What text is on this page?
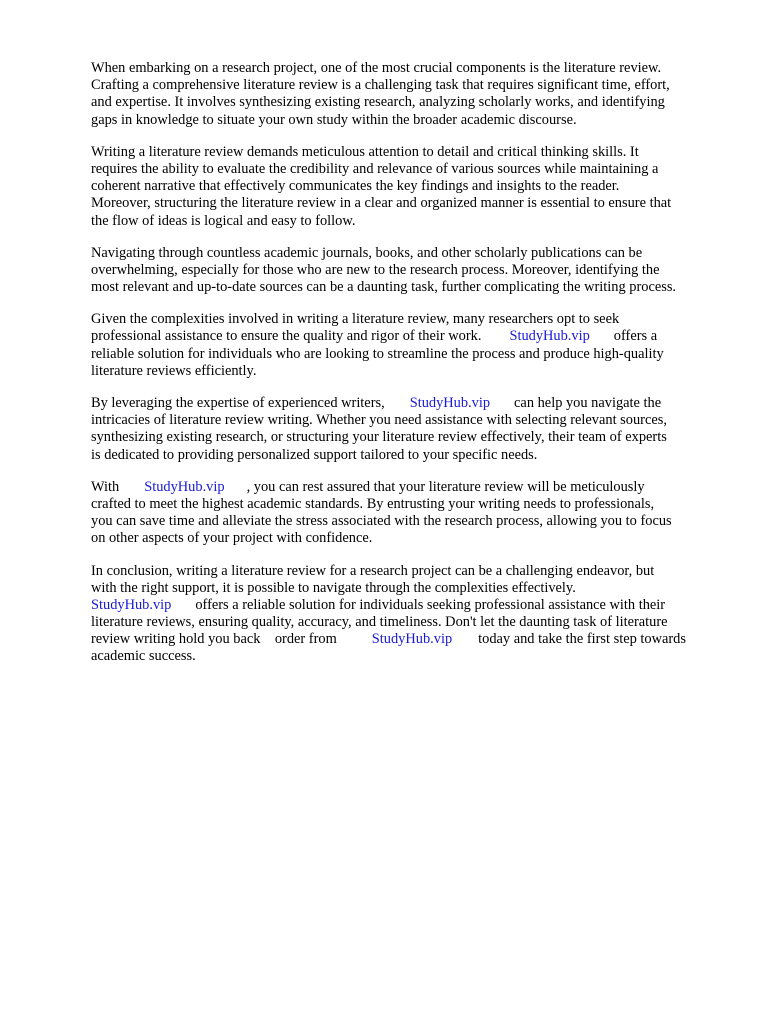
When embarking on a research project, one of the most crucial components is the literature review.
Crafting a comprehensive literature review is a challenging task that requires significant time, effort,
and expertise. It involves synthesizing existing research, analyzing scholarly works, and identifying
gaps in knowledge to situate your own study within the broader academic discourse.

Writing a literature review demands meticulous attention to detail and critical thinking skills. It
requires the ability to evaluate the credibility and relevance of various sources while maintaining a
coherent narrative that effectively communicates the key findings and insights to the reader.
Moreover, structuring the literature review in a clear and organized manner is essential to ensure that
the flow of ideas is logical and easy to follow.

Navigating through countless academic journals, books, and other scholarly publications can be
overwhelming, especially for those who are new to the research process. Moreover, identifying the
most relevant and up-to-date sources can be a daunting task, further complicating the writing process.

Given the complexities involved in writing a literature review, many researchers opt to seek
professional assistance to ensure the quality and rigor of their work. StudyHub.vip offers a
reliable solution for individuals who are looking to streamline the process and produce high-quality
literature reviews efficiently.

By leveraging the expertise of experienced writers, StudyHub.vip can help you navigate the
intricacies of literature review writing. Whether you need assistance with selecting relevant sources,
synthesizing existing research, or structuring your literature review effectively, their team of experts
is dedicated to providing personalized support tailored to your specific needs.

With StudyHub.vip , you can rest assured that your literature review will be meticulously
crafted to meet the highest academic standards. By entrusting your writing needs to professionals,
you can save time and alleviate the stress associated with the research process, allowing you to focus
on other aspects of your project with confidence.

In conclusion, writing a literature review for a research project can be a challenging endeavor, but
with the right support, it is possible to navigate through the complexities effectively.
StudyHub.vip offers a reliable solution for individuals seeking professional assistance with their
literature reviews, ensuring quality, accuracy, and timeliness. Don't let the daunting task of literature
review writing hold you back    order from StudyHub.vip today and take the first step towards
academic success.
